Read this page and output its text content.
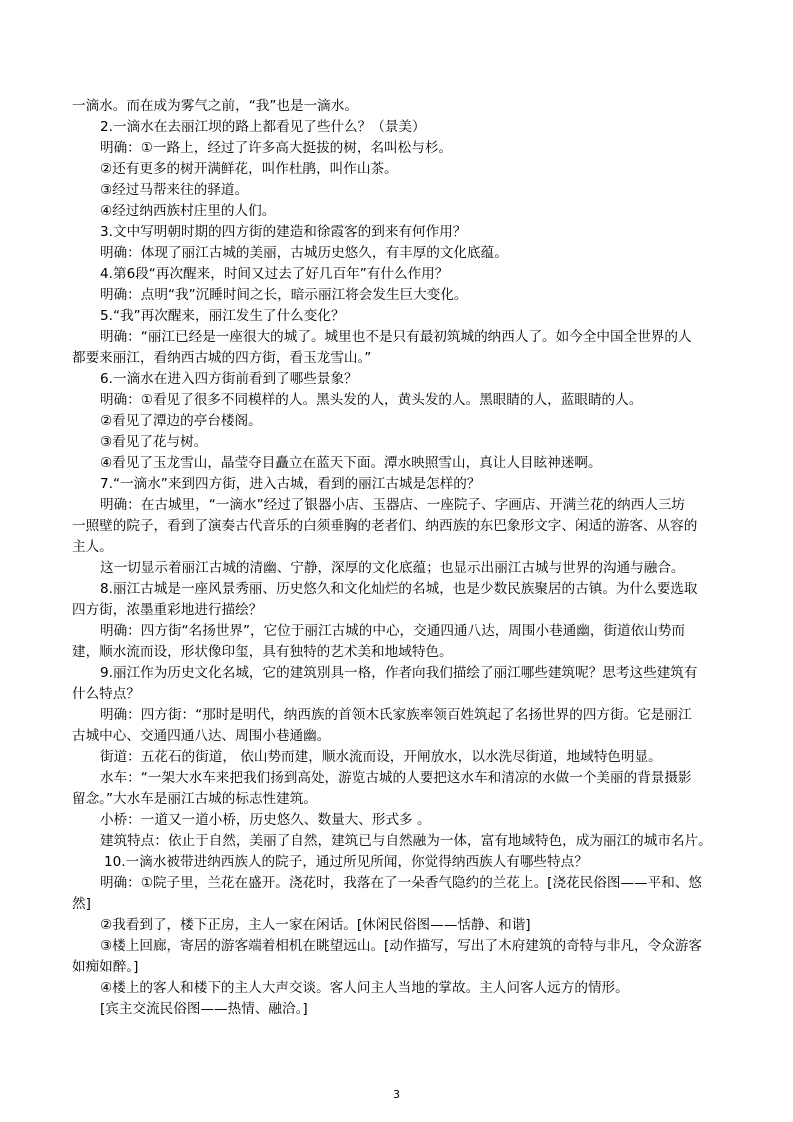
一滴水。而在成为雾气之前，“我”也是一滴水。
2.一滴水在去丽江坝的路上都看见了些什么？（景美）
明确：①一路上，经过了许多高大挺拔的树，名叫松与杉。
②还有更多的树开满鲜花，叫作杜鹃，叫作山茶。
③经过马帮来往的驿道。
④经过纳西族村庄里的人们。
3.文中写明朝时期的四方街的建造和徐霞客的到来有何作用？
明确：体现了丽江古城的美丽，古城历史悠久，有丰厚的文化底蕴。
4.第6段“再次醒来，时间又过去了好几百年”有什么作用？
明确：点明“我”沉睡时间之长，暗示丽江将会发生巨大变化。
5.“我”再次醒来，丽江发生了什么变化？
明确：“丽江已经是一座很大的城了。城里也不是只有最初筑城的纳西人了。如今全中国全世界的人
都要来丽江，看纳西古城的四方街，看玉龙雪山。”
6.一滴水在进入四方街前看到了哪些景象？
明确：①看见了很多不同模样的人。黑头发的人，黄头发的人。黑眼睛的人，蓝眼睛的人。
②看见了潭边的亭台楼阁。
③看见了花与树。
④看见了玉龙雪山，晶莹夺目矗立在蓝天下面。潭水映照雪山，真让人目眩神迷啊。
7.“一滴水”来到四方街，进入古城，看到的丽江古城是怎样的？
明确：在古城里，“一滴水”经过了银器小店、玉器店、一座院子、字画店、开满兰花的纳西人三坊
一照壁的院子，看到了演奏古代音乐的白须垂胸的老者们、纳西族的东巴象形文字、闲适的游客、从容的
主人。
这一切显示着丽江古城的清幽、宁静，深厚的文化底蕴；也显示出丽江古城与世界的沟通与融合。
8.丽江古城是一座风景秀丽、历史悠久和文化灿烂的名城，也是少数民族聚居的古镇。为什么要选取
四方街，浓墨重彩地进行描绘？
明确：四方街“名扬世界”，它位于丽江古城的中心，交通四通八达，周围小巷通幽，街道依山势而
建，顺水流而设，形状像印玺，具有独特的艺术美和地域特色。
9.丽江作为历史文化名城，它的建筑別具一格，作者向我们描绘了丽江哪些建筑呢？思考这些建筑有
什么特点？
明确：四方街：“那时是明代，纳西族的首领木氏家族率领百姓筑起了名扬世界的四方街。它是丽江
古城中心、交通四通八达、周围小巷通幽。
街道：五花石的街道， 依山势而建，顺水流而设，开闸放水，以水洗尽街道，地域特色明显。
水车：“一架大水车来把我们扬到高处，游览古城的人要把这水车和清凉的水做一个美丽的背景摄影
留念。”大水车是丽江古城的标志性建筑。
小桥：一道又一道小桥，历史悠久、数量大、形式多 。
建筑特点：依止于自然，美丽了自然，建筑已与自然融为一体，富有地域特色，成为丽江的城市名片。
10.一滴水被带进纳西族人的院子，通过所见所闻，你觉得纳西族人有哪些特点？
明确：①院子里，兰花在盛开。浇花时，我落在了一朵香气隐约的兰花上。[浇花民俗图——平和、悠
然]
②我看到了，楼下正房，主人一家在闲话。[休闲民俗图——恬静、和谐]
③楼上回廊，寄居的游客端着相机在眺望远山。[动作描写，写出了木府建筑的奇特与非凡，令众游客
如痴如醉。]
④楼上的客人和楼下的主人大声交谈。客人问主人当地的掌故。主人问客人远方的情形。
[宾主交流民俗图——热情、融洽。]
3
